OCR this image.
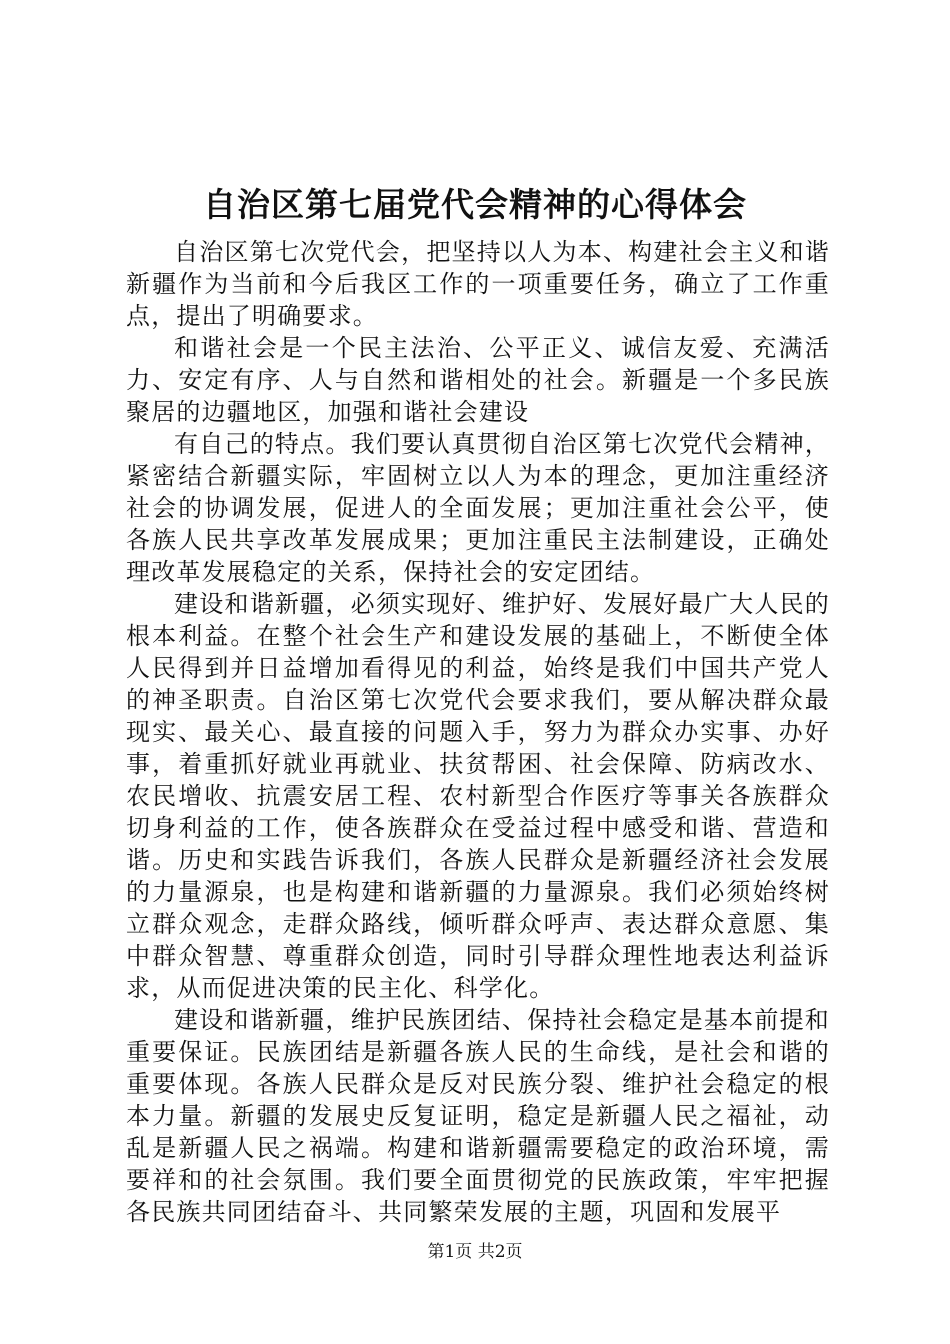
自治区第七届党代会精神的心得体会

自治区第七次党代会，把坚持以人为本、构建社会主义和谐新疆作为当前和今后我区工作的一项重要任务，确立了工作重点，提出了明确要求。

和谐社会是一个民主法治、公平正义、诚信友爱、充满活力、安定有序、人与自然和谐相处的社会。新疆是一个多民族聚居的边疆地区，加强和谐社会建设

有自己的特点。我们要认真贯彻自治区第七次党代会精神，紧密结合新疆实际，牢固树立以人为本的理念，更加注重经济社会的协调发展，促进人的全面发展；更加注重社会公平，使各族人民共享改革发展成果；更加注重民主法制建设，正确处理改革发展稳定的关系，保持社会的安定团结。

建设和谐新疆，必须实现好、维护好、发展好最广大人民的根本利益。在整个社会生产和建设发展的基础上，不断使全体人民得到并日益增加看得见的利益，始终是我们中国共产党人的神圣职责。自治区第七次党代会要求我们，要从解决群众最现实、最关心、最直接的问题入手，努力为群众办实事、办好事，着重抓好就业再就业、扶贫帮困、社会保障、防病改水、农民增收、抗震安居工程、农村新型合作医疗等事关各族群众切身利益的工作，使各族群众在受益过程中感受和谐、营造和谐。历史和实践告诉我们，各族人民群众是新疆经济社会发展的力量源泉，也是构建和谐新疆的力量源泉。我们必须始终树立群众观念，走群众路线，倾听群众呼声、表达群众意愿、集中群众智慧、尊重群众创造，同时引导群众理性地表达利益诉求，从而促进决策的民主化、科学化。

建设和谐新疆，维护民族团结、保持社会稳定是基本前提和重要保证。民族团结是新疆各族人民的生命线，是社会和谐的重要体现。各族人民群众是反对民族分裂、维护社会稳定的根本力量。新疆的发展史反复证明，稳定是新疆人民之福祉，动乱是新疆人民之祸端。构建和谐新疆需要稳定的政治环境，需要祥和的社会氛围。我们要全面贯彻党的民族政策，牢牢把握各民族共同团结奋斗、共同繁荣发展的主题，巩固和发展平

第1页 共2页
